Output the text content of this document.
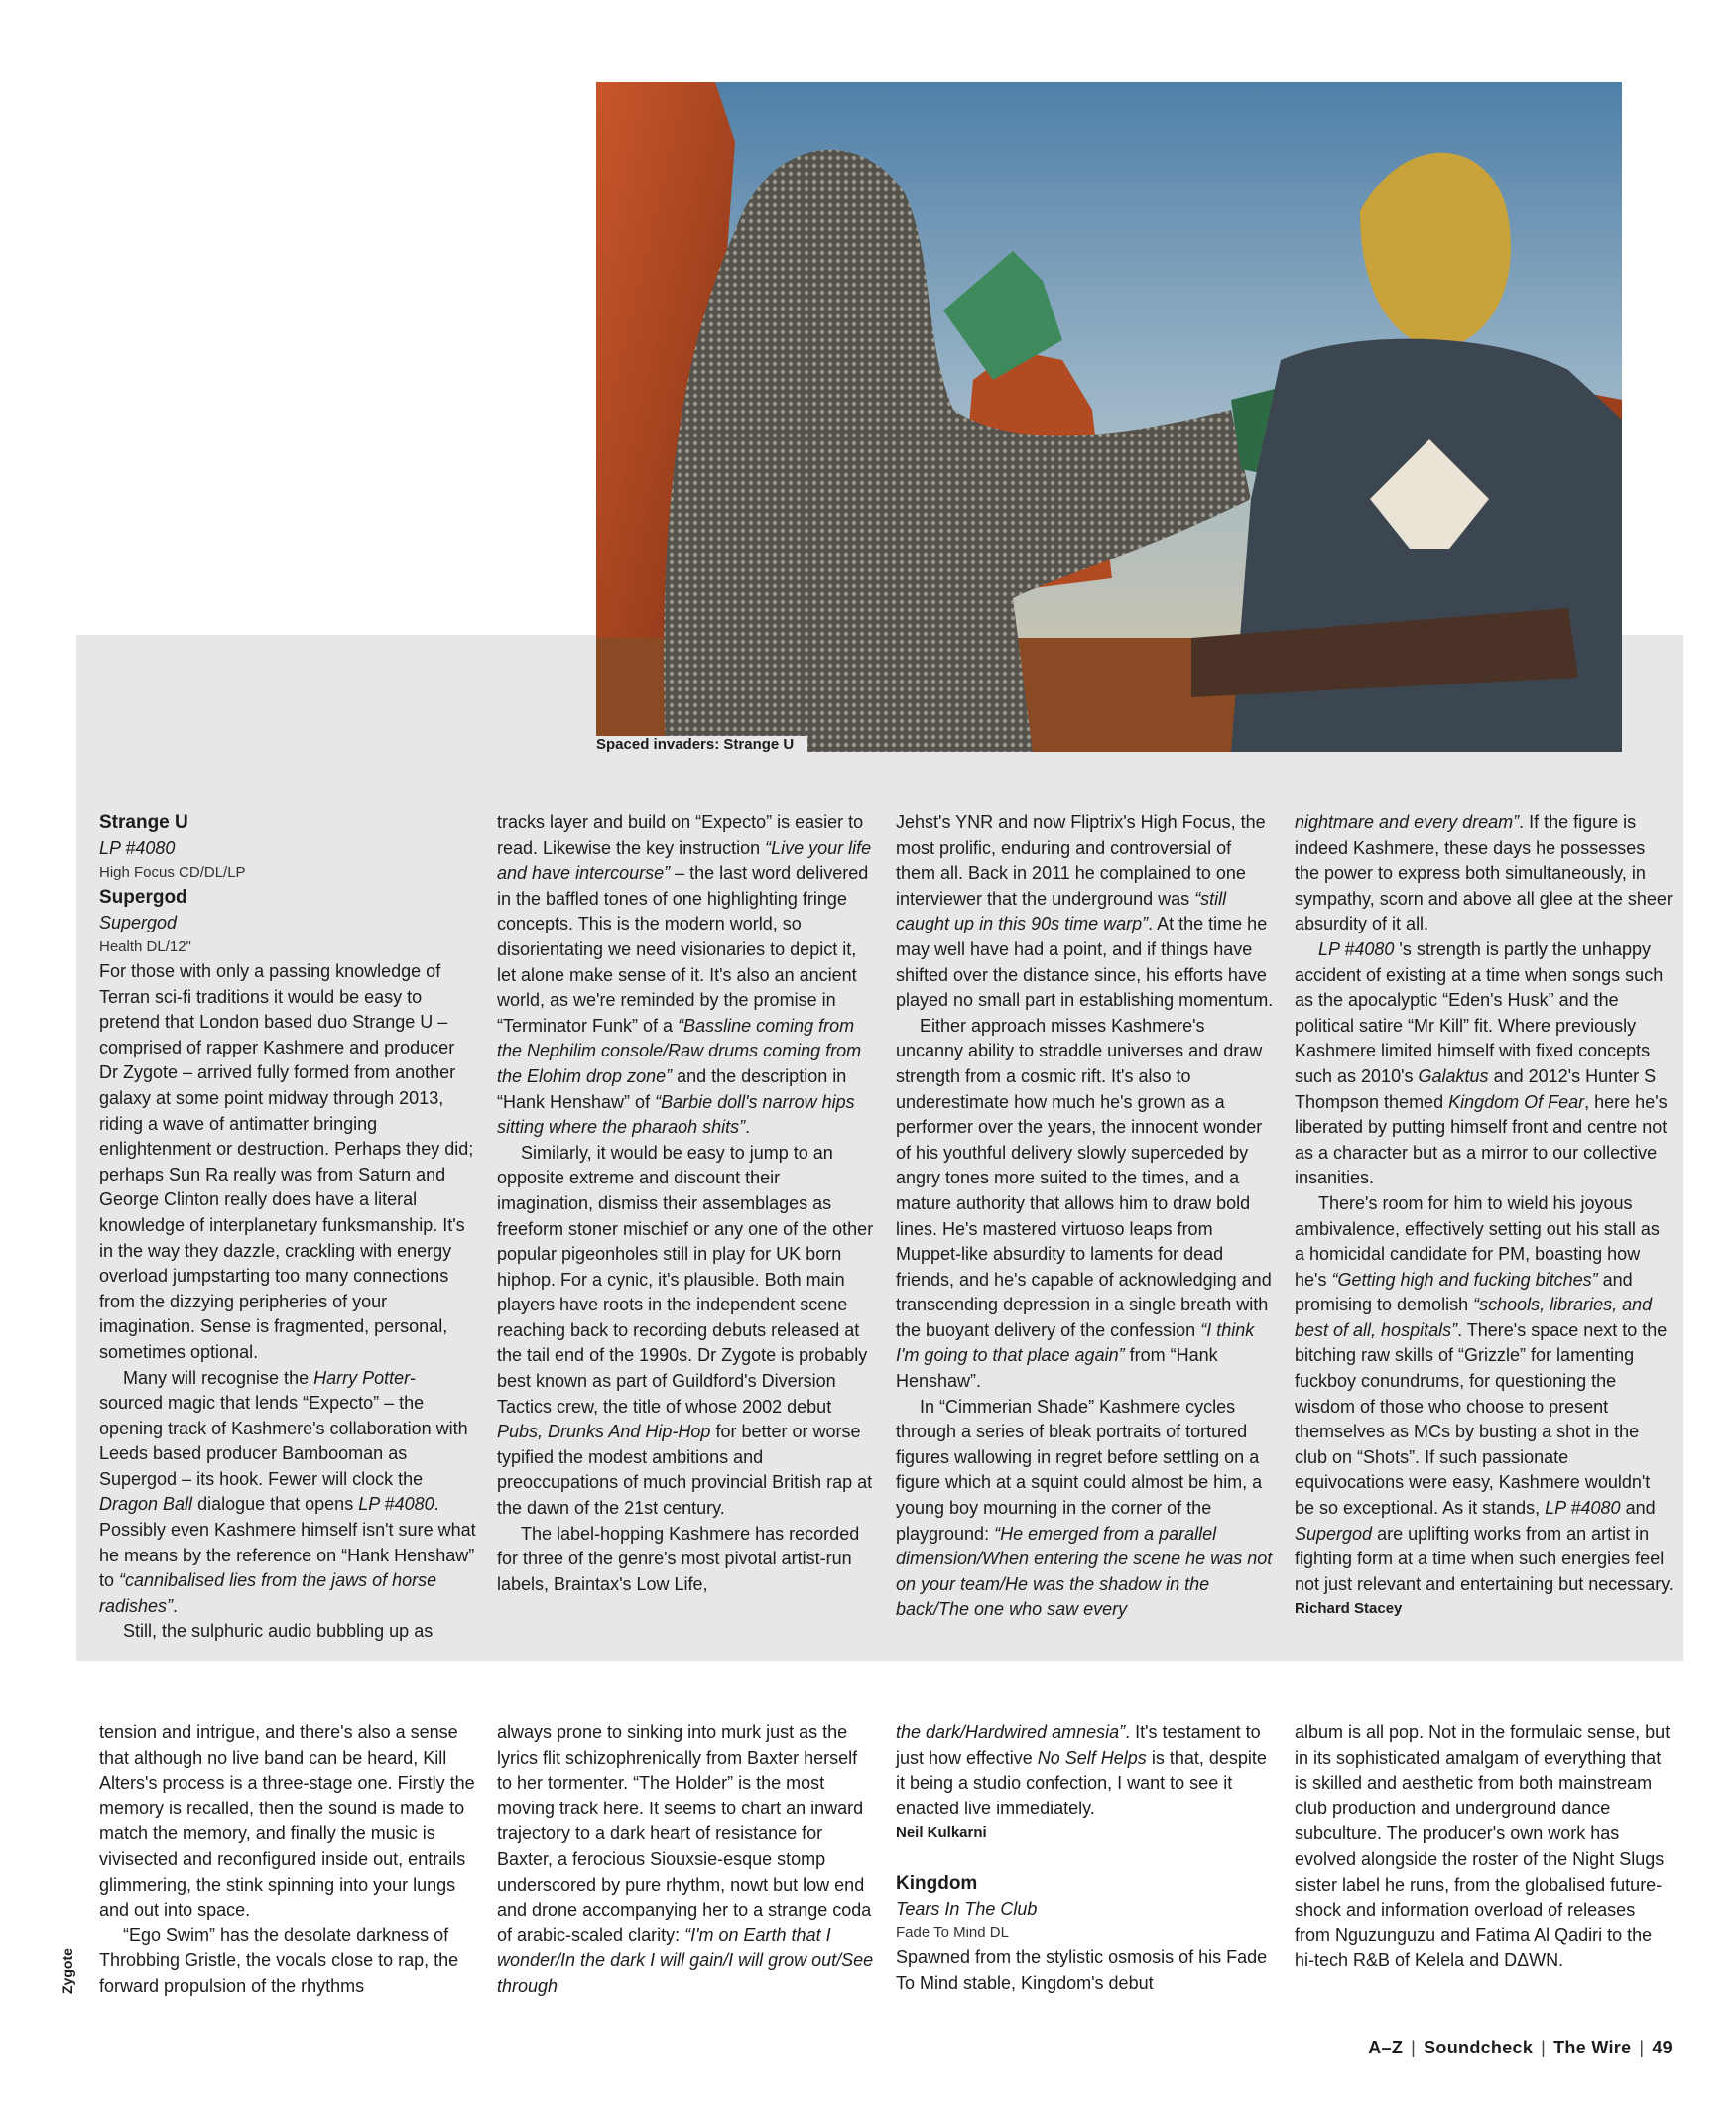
Spaced invaders: Strange U
Strange U
LP #4080
High Focus CD/DL/LP
Supergod
Supergod
Health DL/12"

For those with only a passing knowledge of Terran sci-fi traditions it would be easy to pretend that London based duo Strange U – comprised of rapper Kashmere and producer Dr Zygote – arrived fully formed from another galaxy at some point midway through 2013, riding a wave of antimatter bringing enlightenment or destruction. Perhaps they did; perhaps Sun Ra really was from Saturn and George Clinton really does have a literal knowledge of interplanetary funksmanship. It's in the way they dazzle, crackling with energy overload jumpstarting too many connections from the dizzying peripheries of your imagination. Sense is fragmented, personal, sometimes optional.

Many will recognise the Harry Potter-sourced magic that lends “Expecto” – the opening track of Kashmere's collaboration with Leeds based producer Bambooman as Supergod – its hook. Fewer will clock the Dragon Ball dialogue that opens LP #4080. Possibly even Kashmere himself isn't sure what he means by the reference on “Hank Henshaw” to “cannibalised lies from the jaws of horse radishes”.

Still, the sulphuric audio bubbling up as

tracks layer and build on “Expecto” is easier to read. Likewise the key instruction “Live your life and have intercourse” – the last word delivered in the baffled tones of one highlighting fringe concepts. This is the modern world, so disorientating we need visionaries to depict it, let alone make sense of it. It's also an ancient world, as we're reminded by the promise in “Terminator Funk” of a “Bassline coming from the Nephilim console/Raw drums coming from the Elohim drop zone” and the description in “Hank Henshaw” of “Barbie doll's narrow hips sitting where the pharaoh shits”.

Similarly, it would be easy to jump to an opposite extreme and discount their imagination, dismiss their assemblages as freeform stoner mischief or any one of the other popular pigeonholes still in play for UK born hiphop. For a cynic, it's plausible. Both main players have roots in the independent scene reaching back to recording debuts released at the tail end of the 1990s. Dr Zygote is probably best known as part of Guildford's Diversion Tactics crew, the title of whose 2002 debut Pubs, Drunks And Hip-Hop for better or worse typified the modest ambitions and preoccupations of much provincial British rap at the dawn of the 21st century.

The label-hopping Kashmere has recorded for three of the genre's most pivotal artist-run labels, Braintax's Low Life,

Jehst's YNR and now Fliptrix's High Focus, the most prolific, enduring and controversial of them all. Back in 2011 he complained to one interviewer that the underground was “still caught up in this 90s time warp”. At the time he may well have had a point, and if things have shifted over the distance since, his efforts have played no small part in establishing momentum.

Either approach misses Kashmere's uncanny ability to straddle universes and draw strength from a cosmic rift. It's also to underestimate how much he's grown as a performer over the years, the innocent wonder of his youthful delivery slowly superceded by angry tones more suited to the times, and a mature authority that allows him to draw bold lines. He's mastered virtuoso leaps from Muppet-like absurdity to laments for dead friends, and he's capable of acknowledging and transcending depression in a single breath with the buoyant delivery of the confession “I think I'm going to that place again” from “Hank Henshaw”.

In “Cimmerian Shade” Kashmere cycles through a series of bleak portraits of tortured figures wallowing in regret before settling on a figure which at a squint could almost be him, a young boy mourning in the corner of the playground: “He emerged from a parallel dimension/When entering the scene he was not on your team/He was the shadow in the back/The one who saw every

nightmare and every dream”. If the figure is indeed Kashmere, these days he possesses the power to express both simultaneously, in sympathy, scorn and above all glee at the sheer absurdity of it all.

LP #4080 's strength is partly the unhappy accident of existing at a time when songs such as the apocalyptic “Eden's Husk” and the political satire “Mr Kill” fit. Where previously Kashmere limited himself with fixed concepts such as 2010's Galaktus and 2012's Hunter S Thompson themed Kingdom Of Fear, here he's liberated by putting himself front and centre not as a character but as a mirror to our collective insanities.

There's room for him to wield his joyous ambivalence, effectively setting out his stall as a homicidal candidate for PM, boasting how he's “Getting high and fucking bitches” and promising to demolish “schools, libraries, and best of all, hospitals”. There's space next to the bitching raw skills of “Grizzle” for lamenting fuckboy conundrums, for questioning the wisdom of those who choose to present themselves as MCs by busting a shot in the club on “Shots”. If such passionate equivocations were easy, Kashmere wouldn't be so exceptional. As it stands, LP #4080 and Supergod are uplifting works from an artist in fighting form at a time when such energies feel not just relevant and entertaining but necessary.

Richard Stacey
Zygote

tension and intrigue, and there's also a sense that although no live band can be heard, Kill Alters's process is a three-stage one. Firstly the memory is recalled, then the sound is made to match the memory, and finally the music is vivisected and reconfigured inside out, entrails glimmering, the stink spinning into your lungs and out into space.

“Ego Swim” has the desolate darkness of Throbbing Gristle, the vocals close to rap, the forward propulsion of the rhythms

always prone to sinking into murk just as the lyrics flit schizophrenically from Baxter herself to her tormenter. “The Holder” is the most moving track here. It seems to chart an inward trajectory to a dark heart of resistance for Baxter, a ferocious Siouxsie-esque stomp underscored by pure rhythm, nowt but low end and drone accompanying her to a strange coda of arabic-scaled clarity: “I'm on Earth that I wonder/In the dark I will gain/I will grow out/See through

the dark/Hardwired amnesia”. It's testament to just how effective No Self Helps is that, despite it being a studio confection, I want to see it enacted live immediately.

Neil Kulkarni
Kingdom
Tears In The Club
Fade To Mind DL

Spawned from the stylistic osmosis of his Fade To Mind stable, Kingdom's debut

album is all pop. Not in the formulaic sense, but in its sophisticated amalgam of everything that is skilled and aesthetic from both mainstream club production and underground dance subculture. The producer's own work has evolved alongside the roster of the Night Slugs sister label he runs, from the globalised future-shock and information overload of releases from Nguzunguzu and Fatima Al Qadiri to the hi-tech R&B of Kelela and DΔWN.

A–Z | Soundcheck | The Wire | 49
